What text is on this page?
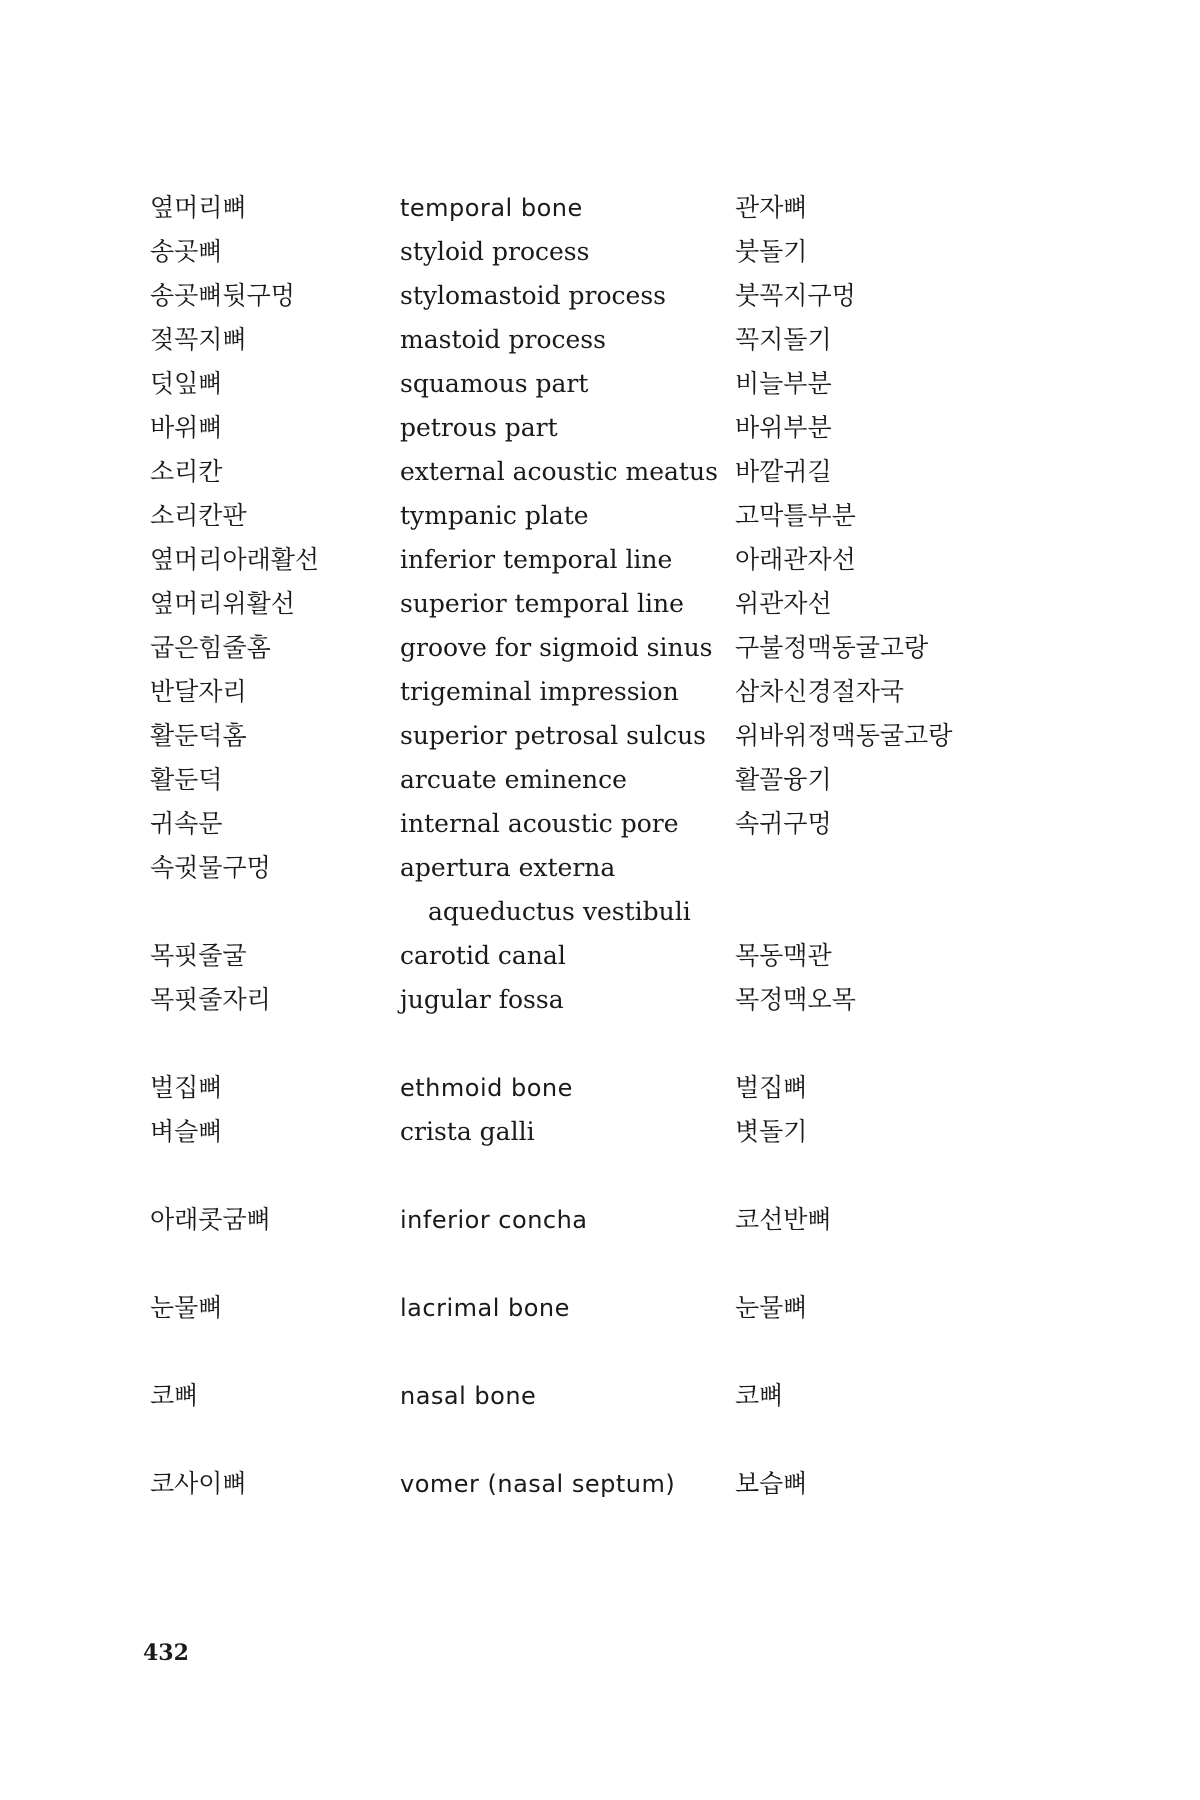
옆머리뼈	temporal bone	관자뼈
송곳뼈	styloid process	붓돌기
송곳뼈뒷구멍	stylomastoid process	붓꼭지구멍
젖꼭지뼈	mastoid process	꼭지돌기
덧잎뼈	squamous part	비늘부분
바위뼈	petrous part	바위부분
소리칸	external acoustic meatus 바깥귀길
소리칸판	tympanic plate	고막틀부분
옆머리아래활선	inferior temporal line	아래관자선
옆머리위활선	superior temporal line 위관자선
굽은힘줄홈	groove for sigmoid sinus 구불정맥동굴고랑
반달자리	trigeminal impression 삼차신경절자국
활둔덕홈	superior petrosal sulcus 위바위정맥동굴고랑
활둔덕	arcuate eminence	활꼴융기
귀속문	internal acoustic pore 속귀구멍
속귓물구멍	apertura externa
aqueductus vestibuli
목핏줄굴	carotid canal	목동맥관
목핏줄자리	jugular fossa	목정맥오목
벌집뼈	ethmoid bone	벌집뼈
벼슬뼈	crista galli	볏돌기
아래콧굼뼈	inferior concha	코선반뼈
눈물뼈	lacrimal bone	눈물뼈
코뼈	nasal bone	코뼈
코사이뼈	vomer (nasal septum) 보습뼈
432
